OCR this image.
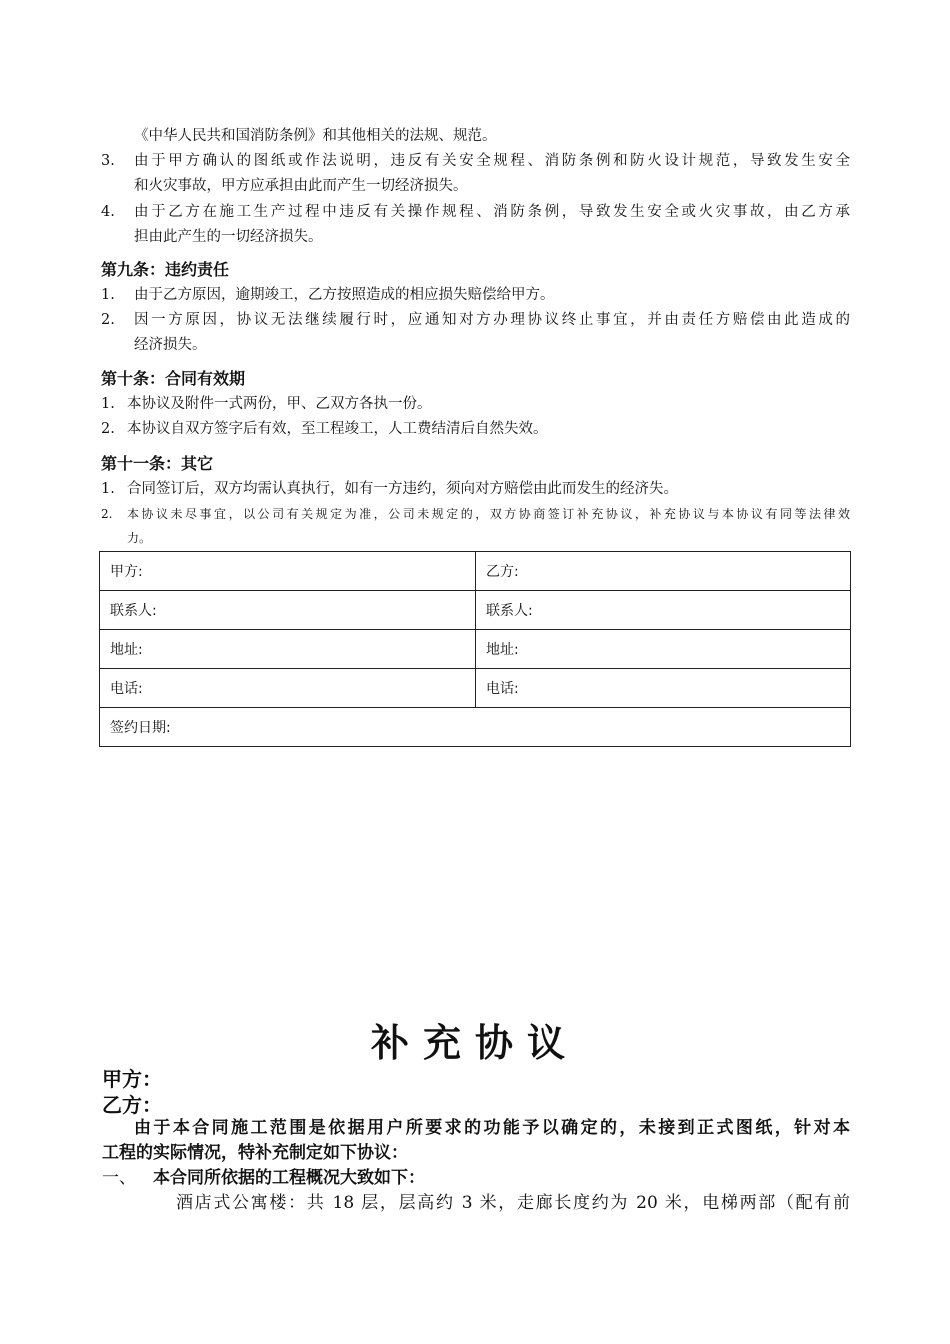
《中华人民共和国消防条例》和其他相关的法规、规范。
3. 由于甲方确认的图纸或作法说明，违反有关安全规程、消防条例和防火设计规范，导致发生安全
和火灾事故，甲方应承担由此而产生一切经济损失。
4. 由于乙方在施工生产过程中违反有关操作规程、消防条例，导致发生安全或火灾事故，由乙方承
担由此产生的一切经济损失。
第九条：违约责任
1. 由于乙方原因，逾期竣工，乙方按照造成的相应损失赔偿给甲方。
2. 因一方原因，协议无法继续履行时，应通知对方办理协议终止事宜，并由责任方赔偿由此造成的
经济损失。
第十条：合同有效期
1. 本协议及附件一式两份，甲、乙双方各执一份。
2. 本协议自双方签字后有效，至工程竣工，人工费结清后自然失效。
第十一条：其它
1. 合同签订后，双方均需认真执行，如有一方违约，须向对方赔偿由此而发生的经济失。
2. 本协议未尽事宜，以公司有关规定为准，公司未规定的，双方协商签订补充协议，补充协议与本协议有同等法律效
力。
甲方:	乙方:
联系人:	联系人:
地址:	地址:
电话:	电话:
签约日期:	
补充协议
甲方：
乙方：
由于本合同施工范围是依据用户所要求的功能予以确定的，未接到正式图纸，针对本
工程的实际情况，特补充制定如下协议：
一、 本合同所依据的工程概况大致如下：
酒店式公寓楼：共 18 层，层高约 3 米，走廊长度约为 20 米，电梯两部（配有前
